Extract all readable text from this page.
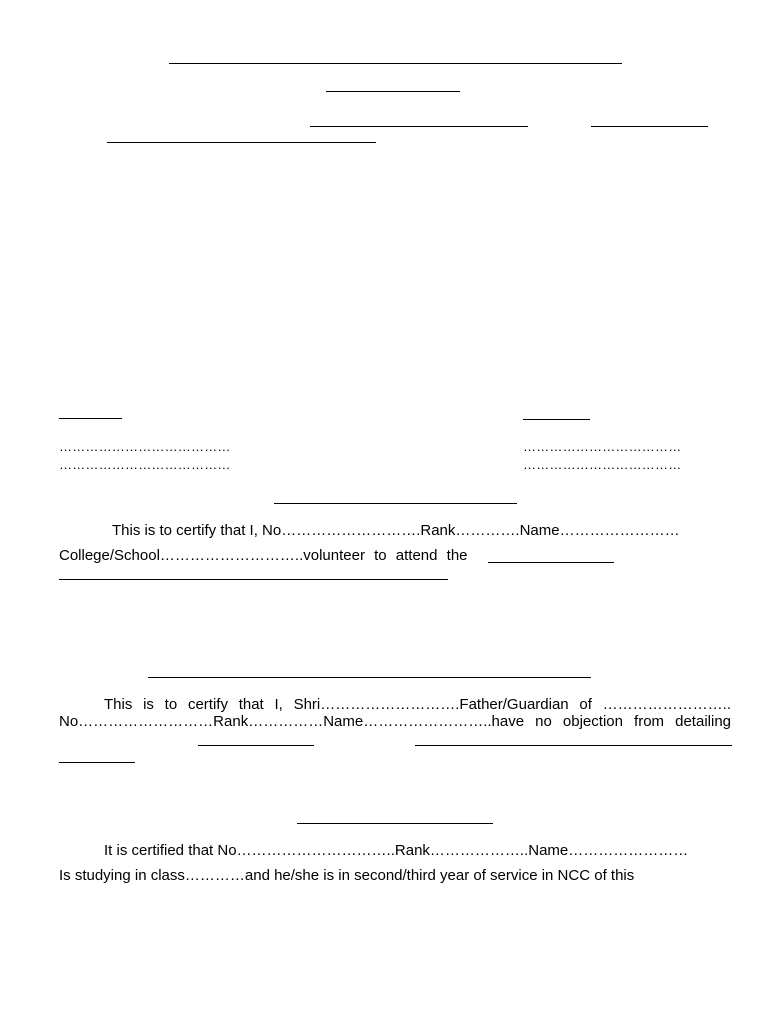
…………………………………
…………………………………
………………………………
………………………………
This is to certify that I, No……………………….Rank………….Name……………………
College/School………………………..volunteer to attend the
This is to certify that I, Shri……………………….Father/Guardian of ……………………..
No………………………Rank……………Name……………………..have no objection from detailing
It is certified that No…………………………..Rank………………..Name……………………
Is studying in class…………and he/she is in second/third year of service in NCC of this
